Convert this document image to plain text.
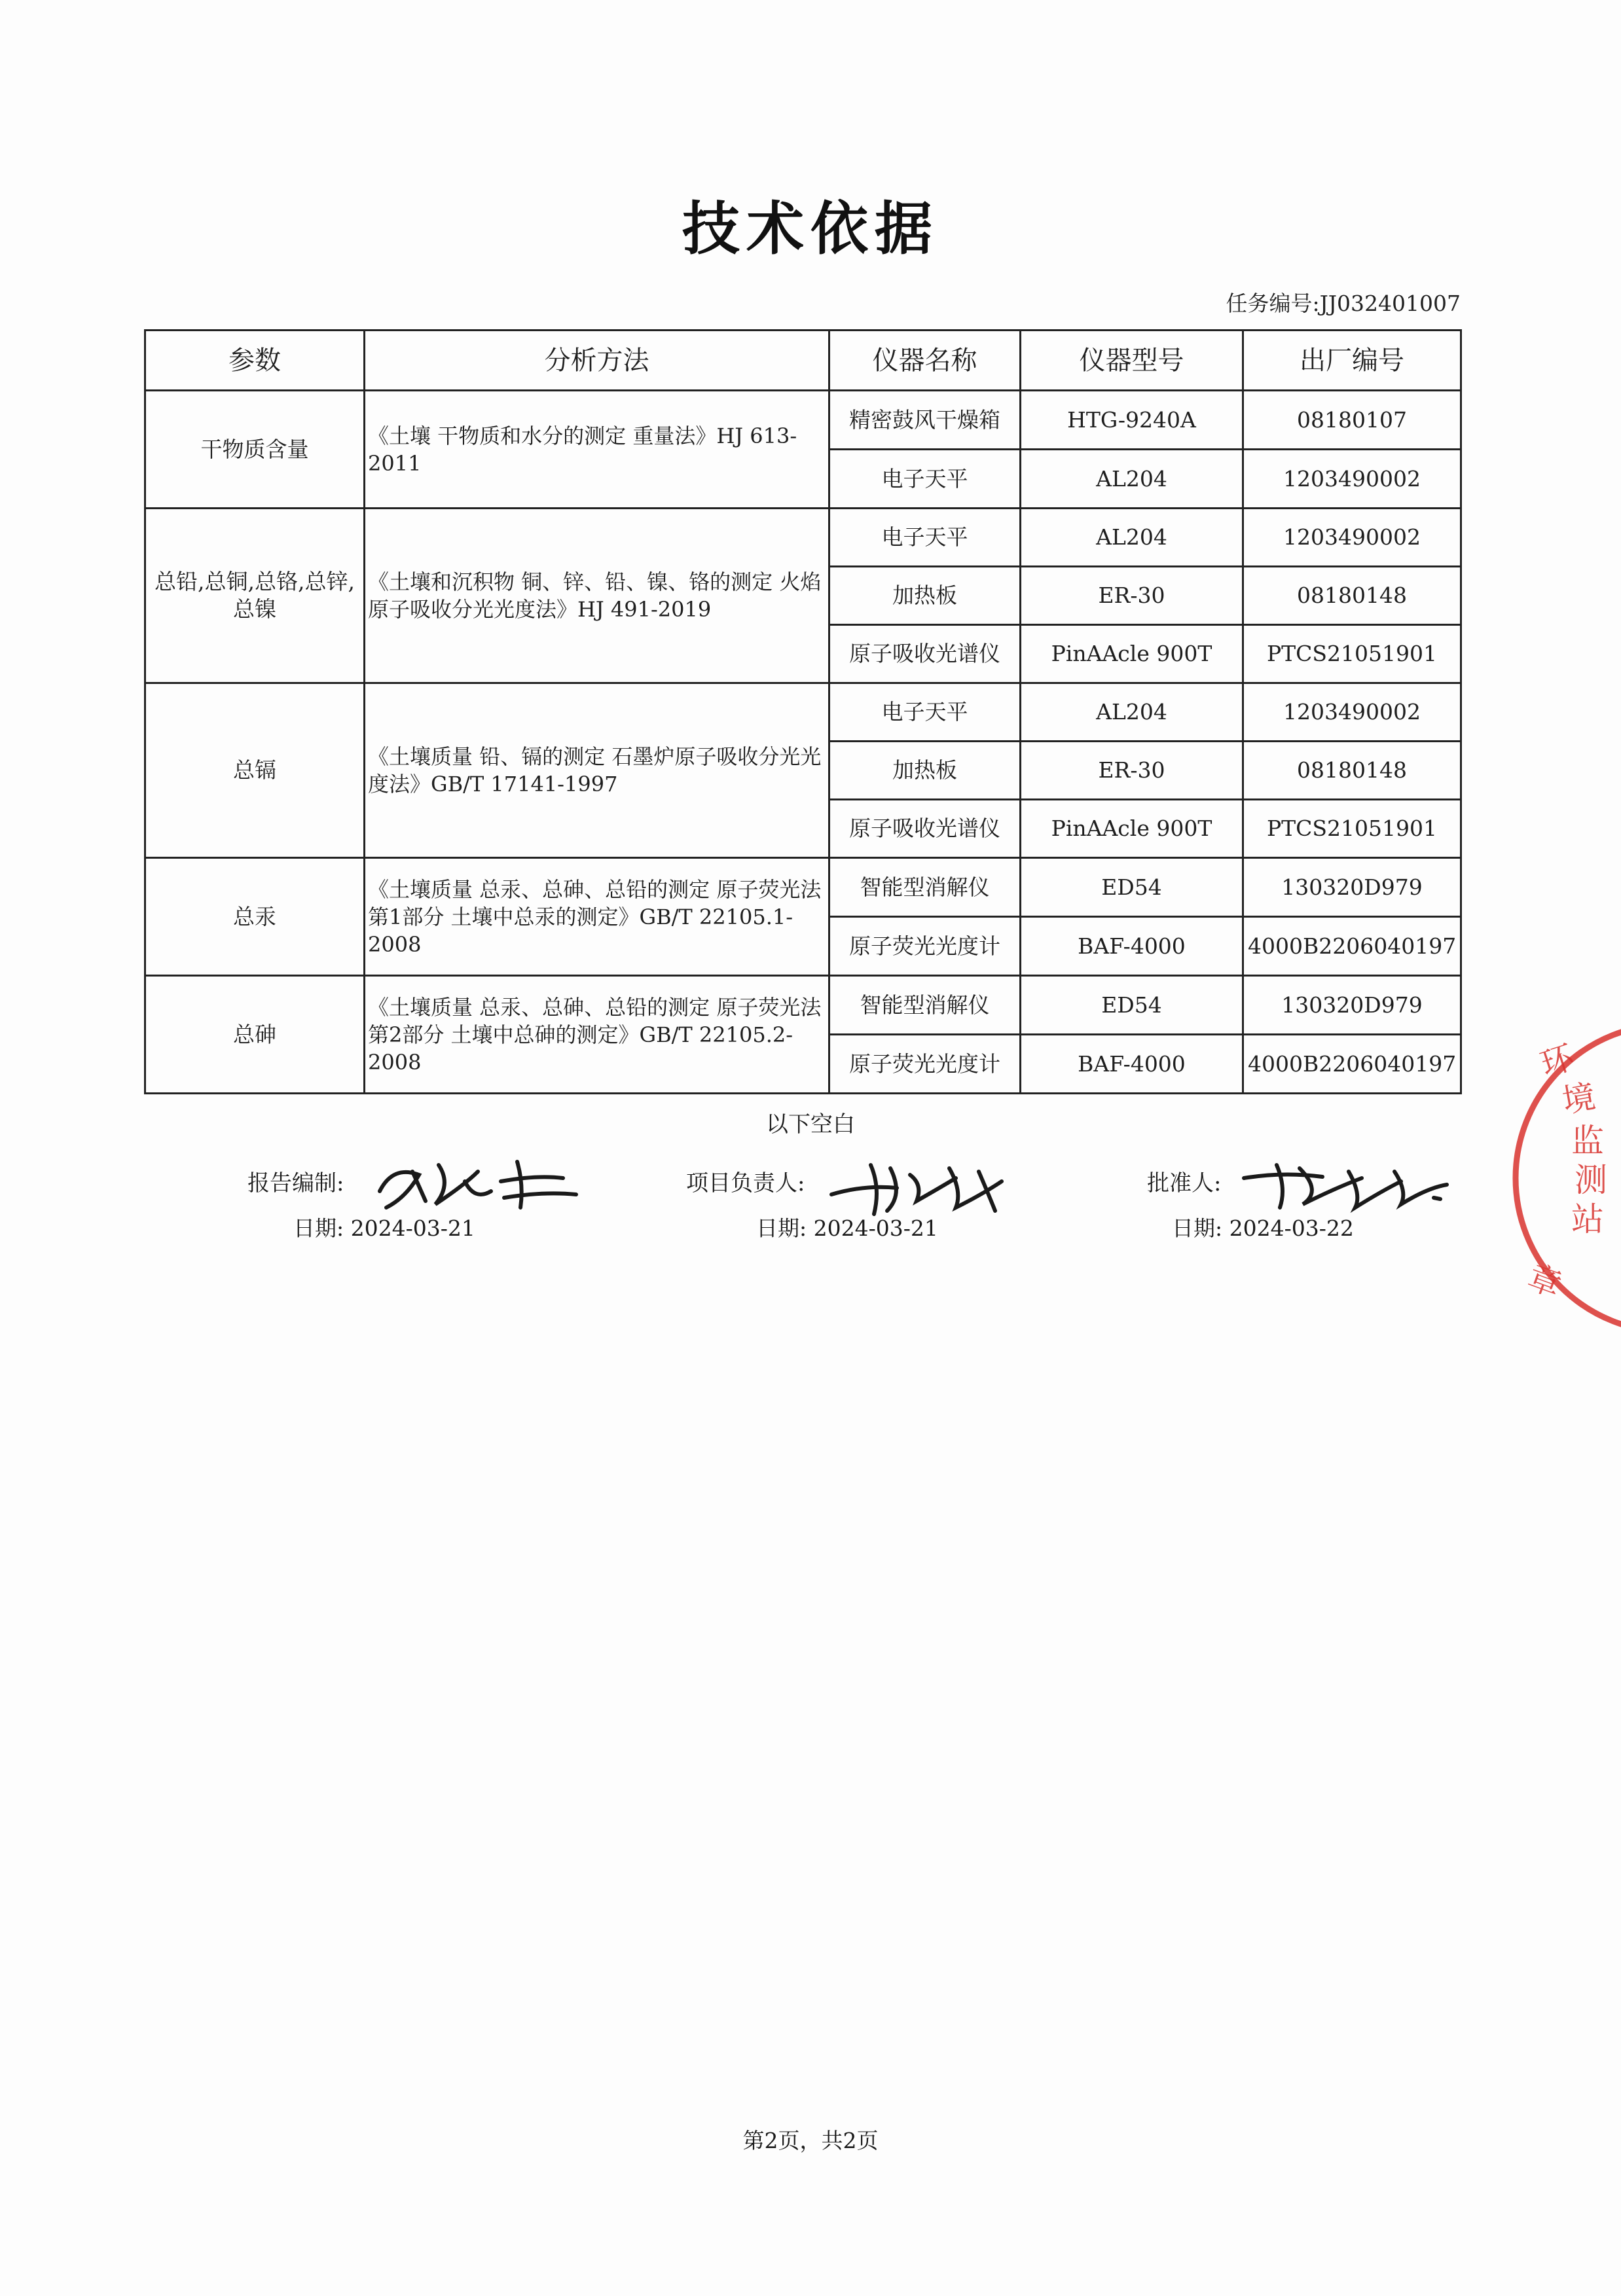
技术依据
任务编号:JJ032401007
参数	分析方法	仪器名称	仪器型号	出厂编号
干物质含量	《土壤 干物质和水分的测定 重量法》HJ 613-2011	精密鼓风干燥箱	HTG-9240A	08180107
		电子天平	AL204	1203490002
总铅,总铜,总铬,总锌,总镍	《土壤和沉积物 铜、锌、铅、镍、铬的测定 火焰原子吸收分光光度法》HJ 491-2019	电子天平	AL204	1203490002
		加热板	ER-30	08180148
		原子吸收光谱仪	PinAAcle 900T	PTCS21051901
总镉	《土壤质量 铅、镉的测定 石墨炉原子吸收分光光度法》GB/T 17141-1997	电子天平	AL204	1203490002
		加热板	ER-30	08180148
		原子吸收光谱仪	PinAAcle 900T	PTCS21051901
总汞	《土壤质量 总汞、总砷、总铅的测定 原子荧光法 第1部分 土壤中总汞的测定》GB/T 22105.1-2008	智能型消解仪	ED54	130320D979
		原子荧光光度计	BAF-4000	4000B2206040197
总砷	《土壤质量 总汞、总砷、总铅的测定 原子荧光法 第2部分 土壤中总砷的测定》GB/T 22105.2-2008	智能型消解仪	ED54	130320D979
		原子荧光光度计	BAF-4000	4000B2206040197
以下空白
报告编制:
日期: 2024-03-21
项目负责人:
日期: 2024-03-21
批准人:
日期: 2024-03-22
环
境
监
测
站
章
第2页，共2页
